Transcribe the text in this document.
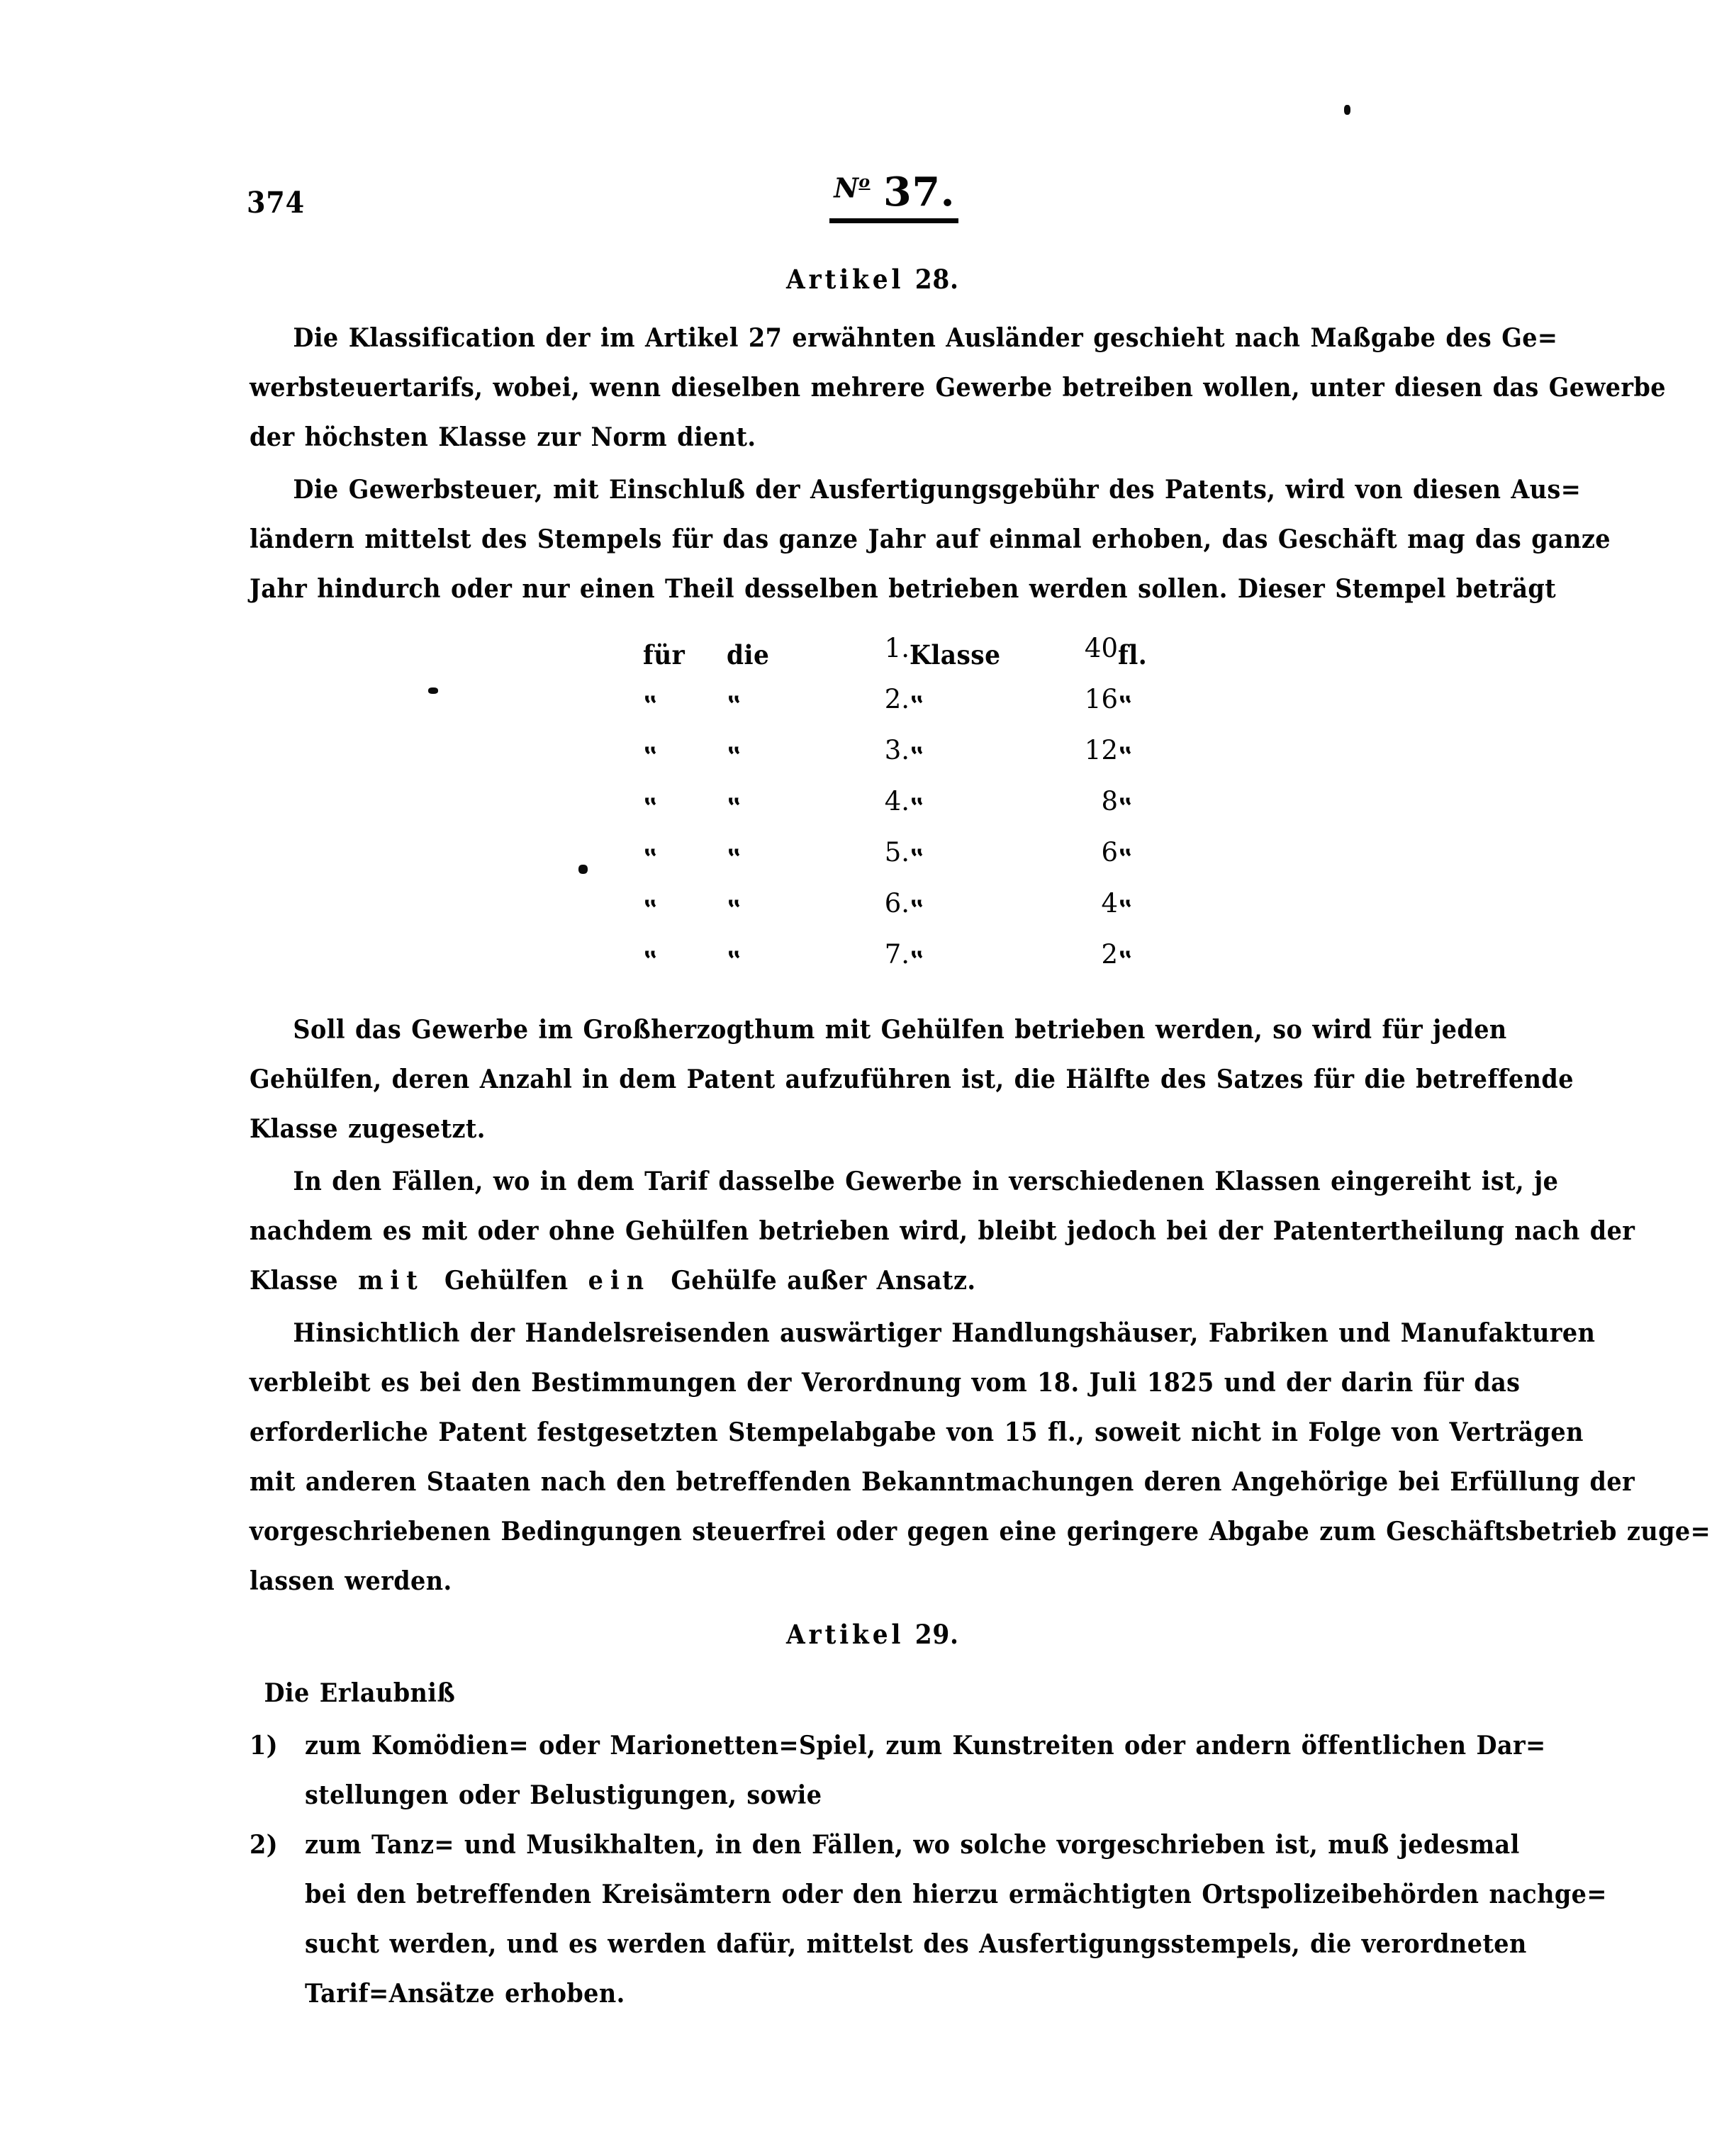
374	$N^o$ 37.
Artikel 28.
Die Klassification der im Artikel 27 erwähnten Ausländer geschieht nach Maßgabe des Ge=
werbsteuertarifs, wobei, wenn dieselben mehrere Gewerbe betreiben wollen, unter diesen das Gewerbe
der höchsten Klasse zur Norm dient.
Die Gewerbsteuer, mit Einschluß der Ausfertigungsgebühr des Patents, wird von diesen Aus=
ländern mittelst des Stempels für das ganze Jahr auf einmal erhoben, das Geschäft mag das ganze
Jahr hindurch oder nur einen Theil desselben betrieben werden sollen. Dieser Stempel beträgt
für	die		1. Klasse		40 fl.
‟	‟		2. ‟		16 ‟
‟	‟		3. ‟		12 ‟
‟	‟		4. ‟		8 ‟
‟	‟		5. ‟		6 ‟
‟	‟		6. ‟		4 ‟
‟	‟		7. ‟		2 ‟
Soll das Gewerbe im Großherzogthum mit Gehülfen betrieben werden, so wird für jeden
Gehülfen, deren Anzahl in dem Patent aufzuführen ist, die Hälfte des Satzes für die betreffende
Klasse zugesetzt.
In den Fällen, wo in dem Tarif dasselbe Gewerbe in verschiedenen Klassen eingereiht ist, je
nachdem es mit oder ohne Gehülfen betrieben wird, bleibt jedoch bei der Patentertheilung nach der
Klasse mit Gehülfen ein Gehülfe außer Ansatz.
Hinsichtlich der Handelsreisenden auswärtiger Handlungshäuser, Fabriken und Manufakturen
verbleibt es bei den Bestimmungen der Verordnung vom 18. Juli 1825 und der darin für das
erforderliche Patent festgesetzten Stempelabgabe von 15 fl., soweit nicht in Folge von Verträgen
mit anderen Staaten nach den betreffenden Bekanntmachungen deren Angehörige bei Erfüllung der
vorgeschriebenen Bedingungen steuerfrei oder gegen eine geringere Abgabe zum Geschäftsbetrieb zuge=
lassen werden.
Artikel 29.
Die Erlaubniß
1) zum Komödien= oder Marionetten=Spiel, zum Kunstreiten oder andern öffentlichen Dar=
stellungen oder Belustigungen, sowie
2) zum Tanz= und Musikhalten, in den Fällen, wo solche vorgeschrieben ist, muß jedesmal
bei den betreffenden Kreisämtern oder den hierzu ermächtigten Ortspolizeibehörden nachge=
sucht werden, und es werden dafür, mittelst des Ausfertigungsstempels, die verordneten
Tarif=Ansätze erhoben.
